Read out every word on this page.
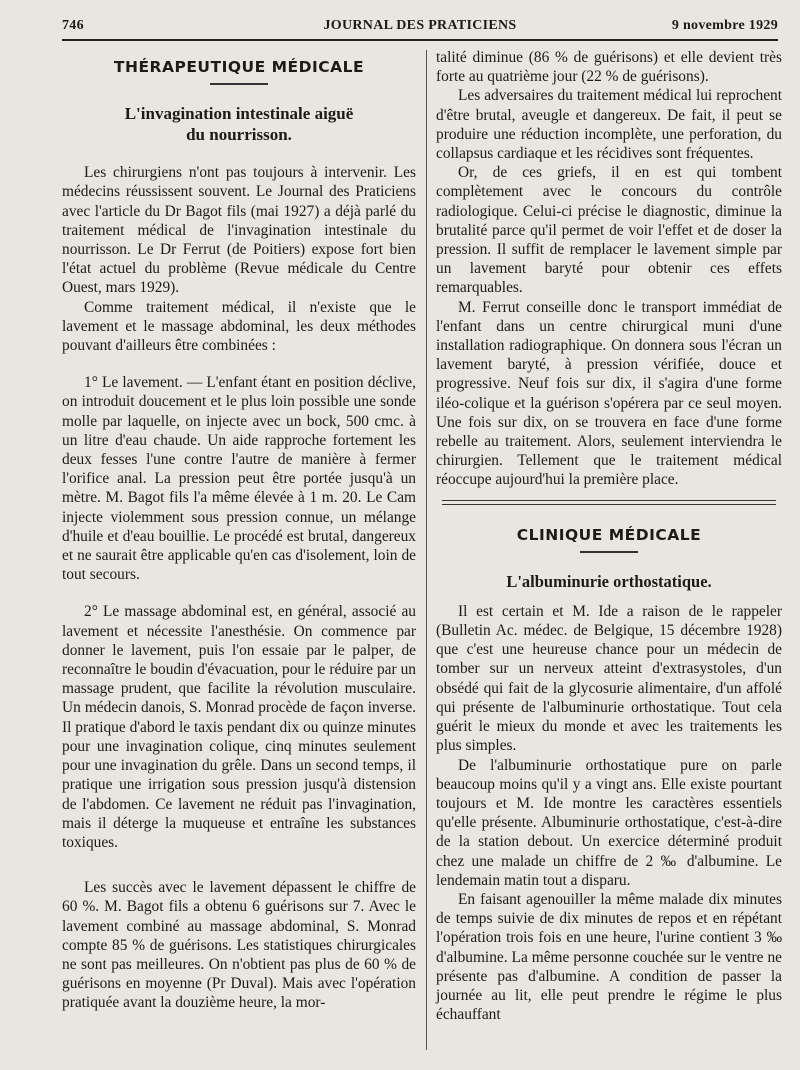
746	JOURNAL DES PRATICIENS	9 novembre 1929
THÉRAPEUTIQUE MÉDICALE
L'invagination intestinale aiguë
du nourrisson.

Les chirurgiens n'ont pas toujours à intervenir. Les médecins réussissent souvent. Le Journal des Praticiens avec l'article du Dr Bagot fils (mai 1927) a déjà parlé du traitement médical de l'invagination intestinale du nourrisson. Le Dr Ferrut (de Poitiers) expose fort bien l'état actuel du problème (Revue médicale du Centre Ouest, mars 1929).

Comme traitement médical, il n'existe que le lavement et le massage abdominal, les deux méthodes pouvant d'ailleurs être combinées :

1° Le lavement. — L'enfant étant en position déclive, on introduit doucement et le plus loin possible une sonde molle par laquelle, on injecte avec un bock, 500 cmc. à un litre d'eau chaude. Un aide rapproche fortement les deux fesses l'une contre l'autre de manière à fermer l'orifice anal. La pression peut être portée jusqu'à un mètre. M. Bagot fils l'a même élevée à 1 m. 20. Le Cam injecte violemment sous pression connue, un mélange d'huile et d'eau bouillie. Le procédé est brutal, dangereux et ne saurait être applicable qu'en cas d'isolement, loin de tout secours.

2° Le massage abdominal est, en général, associé au lavement et nécessite l'anesthésie. On commence par donner le lavement, puis l'on essaie par le palper, de reconnaître le boudin d'évacuation, pour le réduire par un massage prudent, que facilite la révolution musculaire. Un médecin danois, S. Monrad procède de façon inverse. Il pratique d'abord le taxis pendant dix ou quinze minutes pour une invagination colique, cinq minutes seulement pour une invagination du grêle. Dans un second temps, il pratique une irrigation sous pression jusqu'à distension de l'abdomen. Ce lavement ne réduit pas l'invagination, mais il déterge la muqueuse et entraîne les substances toxiques.

Les succès avec le lavement dépassent le chiffre de 60 %. M. Bagot fils a obtenu 6 guérisons sur 7. Avec le lavement combiné au massage abdominal, S. Monrad compte 85 % de guérisons. Les statistiques chirurgicales ne sont pas meilleures. On n'obtient pas plus de 60 % de guérisons en moyenne (Pr Duval). Mais avec l'opération pratiquée avant la douzième heure, la mor-

talité diminue (86 % de guérisons) et elle devient très forte au quatrième jour (22 % de guérisons).

Les adversaires du traitement médical lui reprochent d'être brutal, aveugle et dangereux. De fait, il peut se produire une réduction incomplète, une perforation, du collapsus cardiaque et les récidives sont fréquentes.

Or, de ces griefs, il en est qui tombent complètement avec le concours du contrôle radiologique. Celui-ci précise le diagnostic, diminue la brutalité parce qu'il permet de voir l'effet et de doser la pression. Il suffit de remplacer le lavement simple par un lavement baryté pour obtenir ces effets remarquables.

M. Ferrut conseille donc le transport immédiat de l'enfant dans un centre chirurgical muni d'une installation radiographique. On donnera sous l'écran un lavement baryté, à pression vérifiée, douce et progressive. Neuf fois sur dix, il s'agira d'une forme iléo-colique et la guérison s'opérera par ce seul moyen. Une fois sur dix, on se trouvera en face d'une forme rebelle au traitement. Alors, seulement interviendra le chirurgien. Tellement que le traitement médical réoccupe aujourd'hui la première place.

CLINIQUE MÉDICALE
L'albuminurie orthostatique.

Il est certain et M. Ide a raison de le rappeler (Bulletin Ac. médec. de Belgique, 15 décembre 1928) que c'est une heureuse chance pour un médecin de tomber sur un nerveux atteint d'extrasystoles, d'un obsédé qui fait de la glycosurie alimentaire, d'un affolé qui présente de l'albuminurie orthostatique. Tout cela guérit le mieux du monde et avec les traitements les plus simples.

De l'albuminurie orthostatique pure on parle beaucoup moins qu'il y a vingt ans. Elle existe pourtant toujours et M. Ide montre les caractères essentiels qu'elle présente. Albuminurie orthostatique, c'est-à-dire de la station debout. Un exercice déterminé produit chez une malade un chiffre de 2 ‰ d'albumine. Le lendemain matin tout a disparu.

En faisant agenouiller la même malade dix minutes de temps suivie de dix minutes de repos et en répétant l'opération trois fois en une heure, l'urine contient 3 ‰ d'albumine. La même personne couchée sur le ventre ne présente pas d'albumine. A condition de passer la journée au lit, elle peut prendre le régime le plus échauffant
